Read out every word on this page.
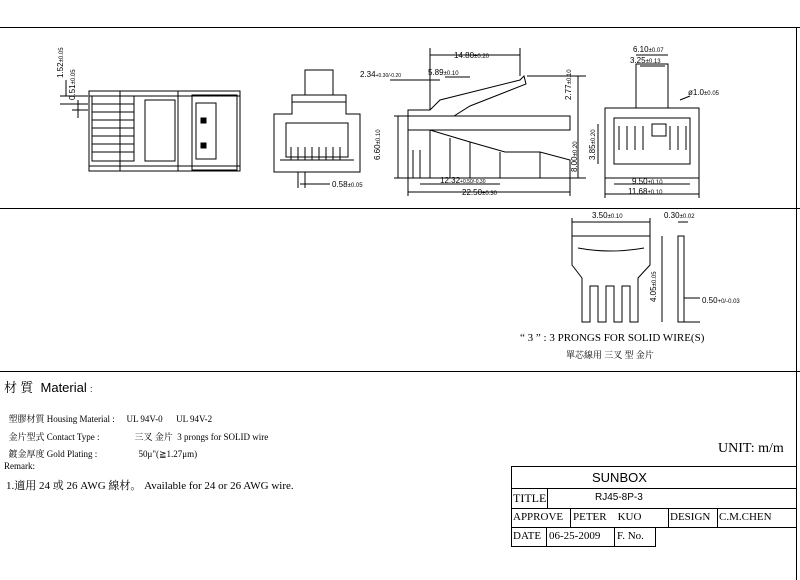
1.52±0.05
0.51±0.05
0.58±0.05
14.80±0.20
2.34+0.30/-0.20	5.89±0.10
2.77±0.10
6.60±0.10
12.32+0.50/-0.30
22.50±0.30
8.00±0.20
6.10±0.07
3.25±0.13
ø1.0±0.05
3.85±0.20
9.50±0.10
11.68±0.10
3.50±0.10	0.30±0.02
4.05±0.05
0.50+0/-0.03
“ 3 ” : 3 PRONGS FOR SOLID WIRE(S)
單芯線用 三叉 型 金片
材 質 Material :

塑膠材質 Housing Material : UL 94V-0      UL 94V-2

金片型式 Contact Type :	三叉 金片  3 prongs for SOLID wire

鍍金厚度 Gold Plating :	50μ"(≧1.27μm)	UNIT: m/m
Remark:
1.適用 24 或 26 AWG 線材。 Available for 24 or 26 AWG wire.
SUNBOX
TITLE	RJ45-8P-3
APPROVE PETER    KUO	DESIGN C.M.CHEN
DATE 06-25-2009 F. No.
